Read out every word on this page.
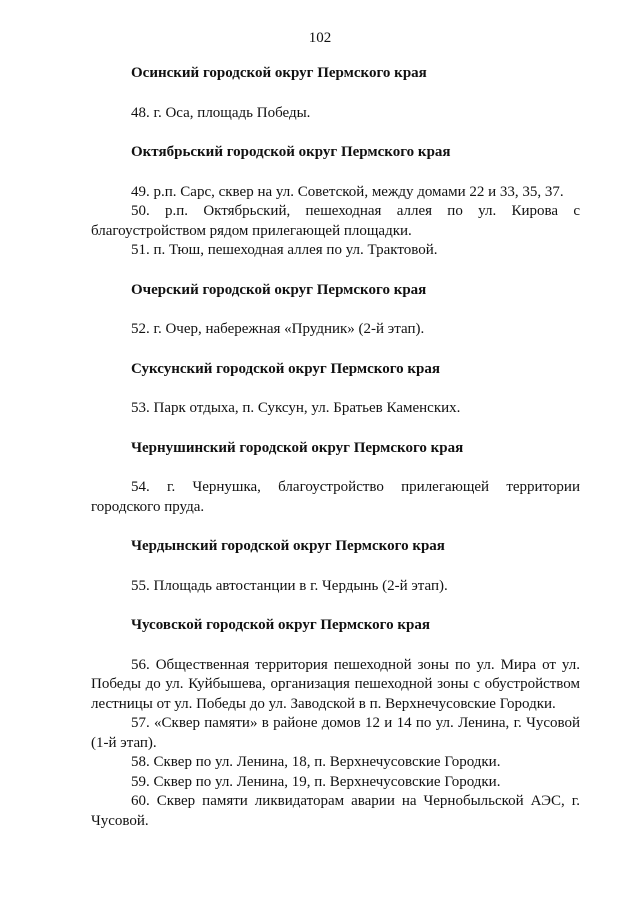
102

Осинский городской округ Пермского края

48. г. Оса, площадь Победы.

Октябрьский городской округ Пермского края

49. р.п. Сарс, сквер на ул. Советской, между домами 22 и 33, 35, 37.

50. р.п. Октябрьский, пешеходная аллея по ул. Кирова с благоустройством рядом прилегающей площадки.

51. п. Тюш, пешеходная аллея по ул. Трактовой.

Очерский городской округ Пермского края

52. г. Очер, набережная «Прудник» (2-й этап).

Суксунский городской округ Пермского края

53. Парк отдыха, п. Суксун, ул. Братьев Каменских.

Чернушинский городской округ Пермского края

54. г. Чернушка, благоустройство прилегающей территории городского пруда.

Чердынский городской округ Пермского края

55. Площадь автостанции в г. Чердынь (2-й этап).

Чусовской городской округ Пермского края

56. Общественная территория пешеходной зоны по ул. Мира от ул. Победы до ул. Куйбышева, организация пешеходной зоны с обустройством лестницы от ул. Победы до ул. Заводской в п. Верхнечусовские Городки.

57. «Сквер памяти» в районе домов 12 и 14 по ул. Ленина, г. Чусовой (1-й этап).

58. Сквер по ул. Ленина, 18, п. Верхнечусовские Городки.

59. Сквер по ул. Ленина, 19, п. Верхнечусовские Городки.

60. Сквер памяти ликвидаторам аварии на Чернобыльской АЭС, г. Чусовой.
